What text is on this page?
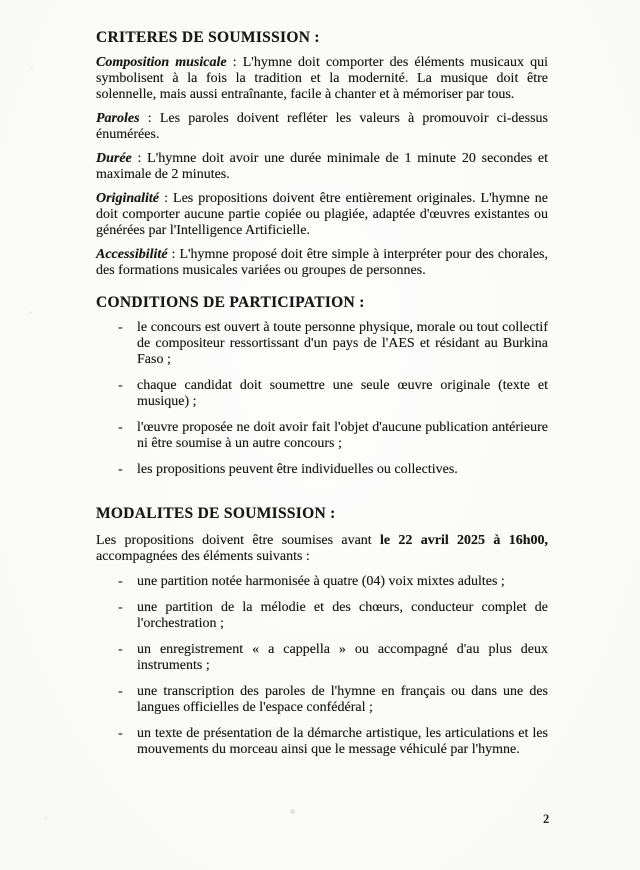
CRITERES DE SOUMISSION :

Composition musicale : L'hymne doit comporter des éléments musicaux qui symbolisent à la fois la tradition et la modernité. La musique doit être solennelle, mais aussi entraînante, facile à chanter et à mémoriser par tous.

Paroles : Les paroles doivent refléter les valeurs à promouvoir ci-dessus énumérées.

Durée : L'hymne doit avoir une durée minimale de 1 minute 20 secondes et maximale de 2 minutes.

Originalité : Les propositions doivent être entièrement originales. L'hymne ne doit comporter aucune partie copiée ou plagiée, adaptée d'œuvres existantes ou générées par l'Intelligence Artificielle.

Accessibilité : L'hymne proposé doit être simple à interpréter pour des chorales, des formations musicales variées ou groupes de personnes.

CONDITIONS DE PARTICIPATION :
- le concours est ouvert à toute personne physique, morale ou tout collectif de compositeur ressortissant d'un pays de l'AES et résidant au Burkina Faso ;
- chaque candidat doit soumettre une seule œuvre originale (texte et musique) ;
- l'œuvre proposée ne doit avoir fait l'objet d'aucune publication antérieure ni être soumise à un autre concours ;
- les propositions peuvent être individuelles ou collectives.
MODALITES DE SOUMISSION :

Les propositions doivent être soumises avant le 22 avril 2025 à 16h00, accompagnées des éléments suivants :

- une partition notée harmonisée à quatre (04) voix mixtes adultes ;
- une partition de la mélodie et des chœurs, conducteur complet de l'orchestration ;
- un enregistrement « a cappella » ou accompagné d'au plus deux instruments ;
- une transcription des paroles de l'hymne en français ou dans une des langues officielles de l'espace confédéral ;
- un texte de présentation de la démarche artistique, les articulations et les mouvements du morceau ainsi que le message véhiculé par l'hymne.
2
